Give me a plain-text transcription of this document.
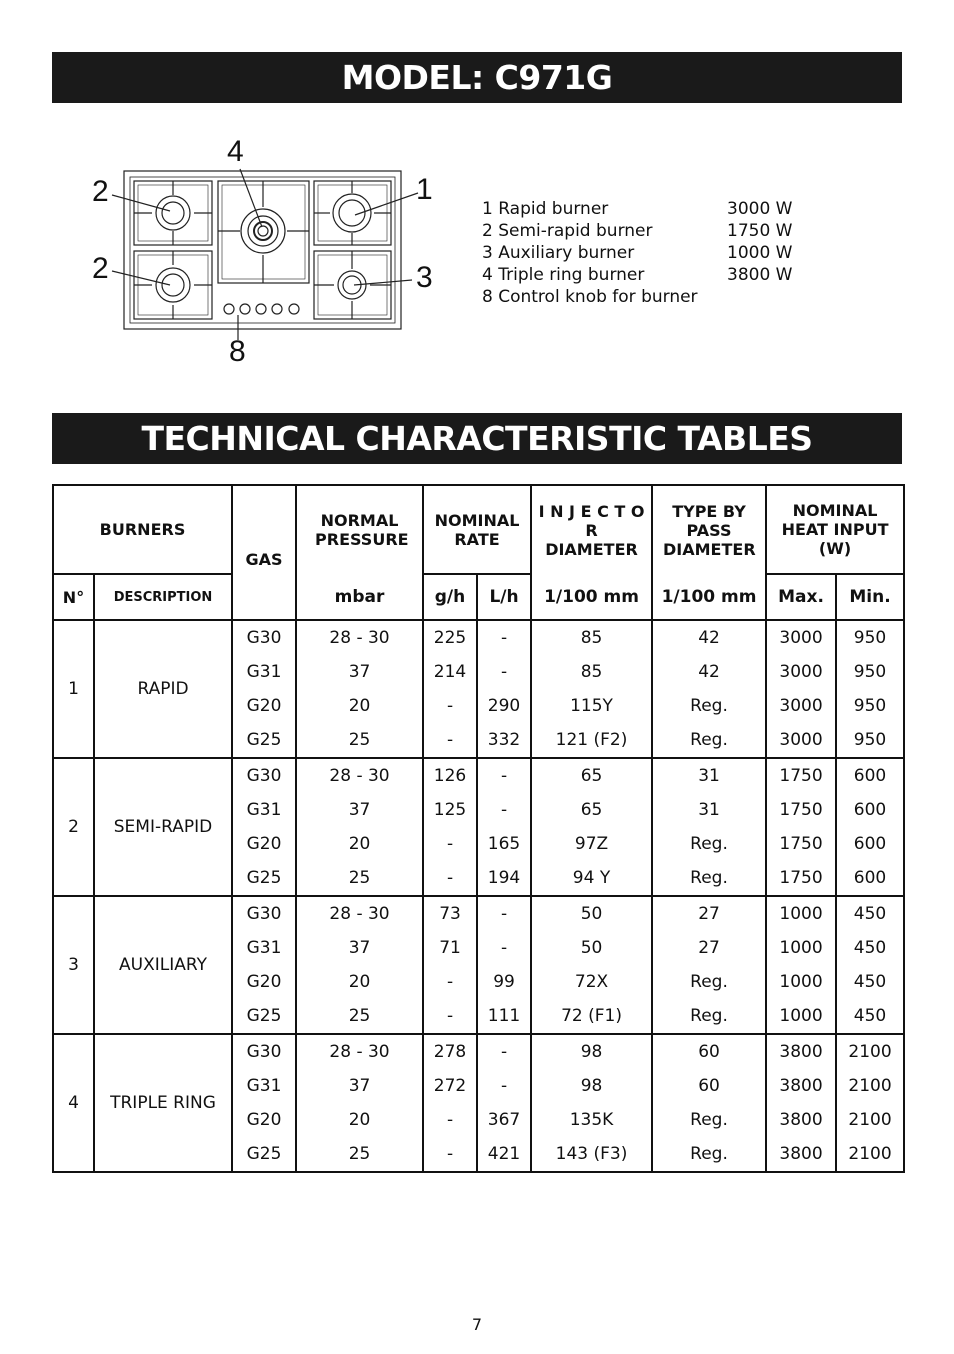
MODEL: C971G
4
2	1
2	3
8
1 Rapid burner	3000 W
2 Semi-rapid burner	1750 W
3 Auxiliary burner	1000 W
4 Triple ring burner	3800 W
8 Control knob for burner
TECHNICAL CHARACTERISTIC TABLES
BURNERS		GAS	NORMAL PRESSURE	NOMINAL RATE		I N J E C T O R DIAMETER	TYPE BY PASS DIAMETER	NOMINAL HEAT INPUT (W)	
N°	DESCRIPTION		mbar	g/h	L/h	1/100 mm	1/100 mm	Max.	Min.
1	RAPID	G30	28 - 30	225	-	85	42	3000	950
		G31	37	214	-	85	42	3000	950
		G20	20	-	290	115Y	Reg.	3000	950
		G25	25	-	332	121 (F2)	Reg.	3000	950
2	SEMI-RAPID	G30	28 - 30	126	-	65	31	1750	600
		G31	37	125	-	65	31	1750	600
		G20	20	-	165	97Z	Reg.	1750	600
		G25	25	-	194	94 Y	Reg.	1750	600
3	AUXILIARY	G30	28 - 30	73	-	50	27	1000	450
		G31	37	71	-	50	27	1000	450
		G20	20	-	99	72X	Reg.	1000	450
		G25	25	-	111	72 (F1)	Reg.	1000	450
4	TRIPLE RING	G30	28 - 30	278	-	98	60	3800	2100
		G31	37	272	-	98	60	3800	2100
		G20	20	-	367	135K	Reg.	3800	2100
		G25	25	-	421	143 (F3)	Reg.	3800	2100
7
